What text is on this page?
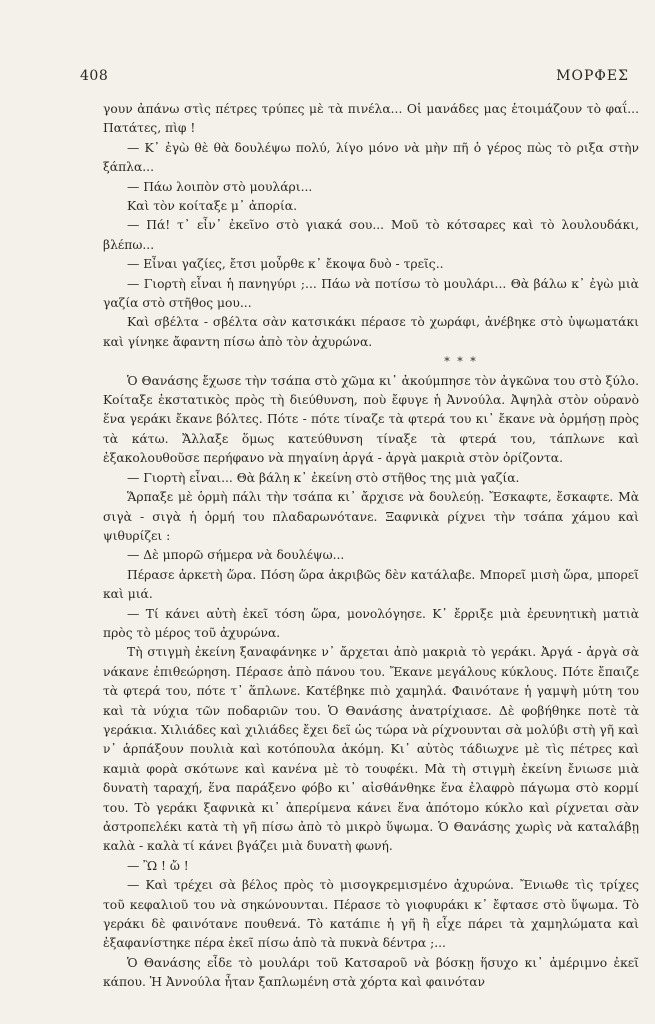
408	ΜΟΡΦΕΣ

γουν ἀπάνω στὶς πέτρες τρύπες μὲ τὰ πινέλα... Οἱ μανάδες μας ἑτοιμάζουν τὸ φαΐ... Πατάτες, πὶφ !

— Κ᾽ ἐγὼ θὲ θὰ δουλέψω πολύ, λίγο μόνο νὰ μὴν πῆ ὁ γέρος πὼς τὸ ριξα στὴν ξάπλα...

— Πάω λοιπὸν στὸ μουλάρι...

Καὶ τὸν κοίταξε μ᾽ ἀπορία.

— Πά! τ᾽ εἶν᾽ ἐκεῖνο στὸ γιακά σου... Μοῦ τὸ κότσαρες καὶ τὸ λουλουδάκι, βλέπω...

— Εἶναι γαζίες, ἔτσι μοὖρθε κ᾽ ἔκοψα δυὸ - τρεῖς..

— Γιορτὴ εἶναι ἡ πανηγύρι ;... Πάω νὰ ποτίσω τὸ μουλάρι... Θὰ βάλω κ᾽ ἐγὼ μιὰ γαζία στὸ στῆθος μου...

Καὶ σβέλτα - σβέλτα σὰν κατσικάκι πέρασε τὸ χωράφι, ἀνέβηκε στὸ ὑψωματάκι καὶ γίνηκε ἄφαντη πίσω ἀπὸ τὸν ἀχυρώνα.

* * *

Ὁ Θανάσης ἔχωσε τὴν τσάπα στὸ χῶμα κι᾽ ἀκούμπησε τὸν ἀγκῶνα του στὸ ξύλο. Κοίταξε ἐκστατικὸς πρὸς τὴ διεύθυνση, ποὺ ἔφυγε ἡ Ἀννούλα. Ἀψηλὰ στὸν οὐρανὸ ἕνα γεράκι ἔκανε βόλτες. Πότε - πότε τίναζε τὰ φτερά του κι᾽ ἔκανε νὰ ὁρμήσῃ πρὸς τὰ κάτω. Ἄλλαξε ὅμως κατεύθυνση τίναξε τὰ φτερά του, τάπλωνε καὶ ἐξακολουθοῦσε περήφανο νὰ πηγαίνη ἀργά - ἀργὰ μακριὰ στὸν ὁρίζοντα.

— Γιορτὴ εἶναι... Θὰ βάλη κ᾽ ἐκείνη στὸ στῆθος της μιὰ γαζία.

Ἅρπαξε μὲ ὁρμὴ πάλι τὴν τσάπα κι᾽ ἄρχισε νὰ δουλεύῃ. Ἔσκαφτε, ἔσκαφτε. Μὰ σιγὰ - σιγὰ ἡ ὁρμή του πλαδαρωνότανε. Ξαφνικὰ ρίχνει τὴν τσάπα χάμου καὶ ψιθυρίζει :

— Δὲ μπορῶ σήμερα νὰ δουλέψω...

Πέρασε ἀρκετὴ ὥρα. Πόση ὥρα ἀκριβῶς δὲν κατάλαβε. Μπορεῖ μισὴ ὥρα, μπορεῖ καὶ μιά.

— Τί κάνει αὐτὴ ἐκεῖ τόση ὥρα, μονολόγησε. Κ᾽ ἔρριξε μιὰ ἐρευνητικὴ ματιὰ πρὸς τὸ μέρος τοῦ ἀχυρώνα.

Τὴ στιγμὴ ἐκείνη ξαναφάνηκε ν᾽ ἄρχεται ἀπὸ μακριὰ τὸ γεράκι. Ἀργά - ἀργὰ σὰ νάκανε ἐπιθεώρηση. Πέρασε ἀπὸ πάνου του. Ἔκανε μεγάλους κύκλους. Πότε ἔπαιζε τὰ φτερά του, πότε τ᾽ ἅπλωνε. Κατέβηκε πιὸ χαμηλά. Φαινότανε ἡ γαμψὴ μύτη του καὶ τὰ νύχια τῶν ποδαριῶν του. Ὁ Θανάσης ἀνατρίχιασε. Δὲ φοβήθηκε ποτὲ τὰ γεράκια. Χιλιάδες καὶ χιλιάδες ἔχει δεῖ ὡς τώρα νὰ ρίχνουνται σὰ μολύβι στὴ γῆ καὶ ν᾽ ἁρπάξουν πουλιὰ καὶ κοτόπουλα ἀκόμη. Κι᾽ αὐτὸς τάδιωχνε μὲ τὶς πέτρες καὶ καμιὰ φορὰ σκότωνε καὶ κανένα μὲ τὸ τουφέκι. Μὰ τὴ στιγμὴ ἐκείνη ἔνιωσε μιὰ δυνατὴ ταραχή, ἕνα παράξενο φόβο κι᾽ αἰσθάνθηκε ἕνα ἐλαφρὸ πάγωμα στὸ κορμί του. Τὸ γεράκι ξαφνικὰ κι᾽ ἀπερίμενα κάνει ἕνα ἀπότομο κύκλο καὶ ρίχνεται σὰν ἀστροπελέκι κατὰ τὴ γῆ πίσω ἀπὸ τὸ μικρὸ ὕψωμα. Ὁ Θανάσης χωρὶς νὰ καταλάβῃ καλὰ - καλὰ τί κάνει βγάζει μιὰ δυνατὴ φωνή.

— Ὢ ! ὤ !

— Καὶ τρέχει σὰ βέλος πρὸς τὸ μισογκρεμισμένο ἀχυρώνα. Ἔνιωθε τὶς τρίχες τοῦ κεφαλιοῦ του νὰ σηκώνουνται. Πέρασε τὸ γιοφυράκι κ᾽ ἔφτασε στὸ ὕψωμα. Τὸ γεράκι δὲ φαινότανε πουθενά. Τὸ κατάπιε ἡ γῆ ἢ εἶχε πάρει τὰ χαμηλώματα καὶ ἐξαφανίστηκε πέρα ἐκεῖ πίσω ἀπὸ τὰ πυκνὰ δέντρα ;...

Ὁ Θανάσης εἶδε τὸ μουλάρι τοῦ Κατσαροῦ νὰ βόσκῃ ἥσυχο κι᾽ ἀμέριμνο ἐκεῖ κάπου. Ἡ Ἀννούλα ἦταν ξαπλωμένη στὰ χόρτα καὶ φαινόταν
